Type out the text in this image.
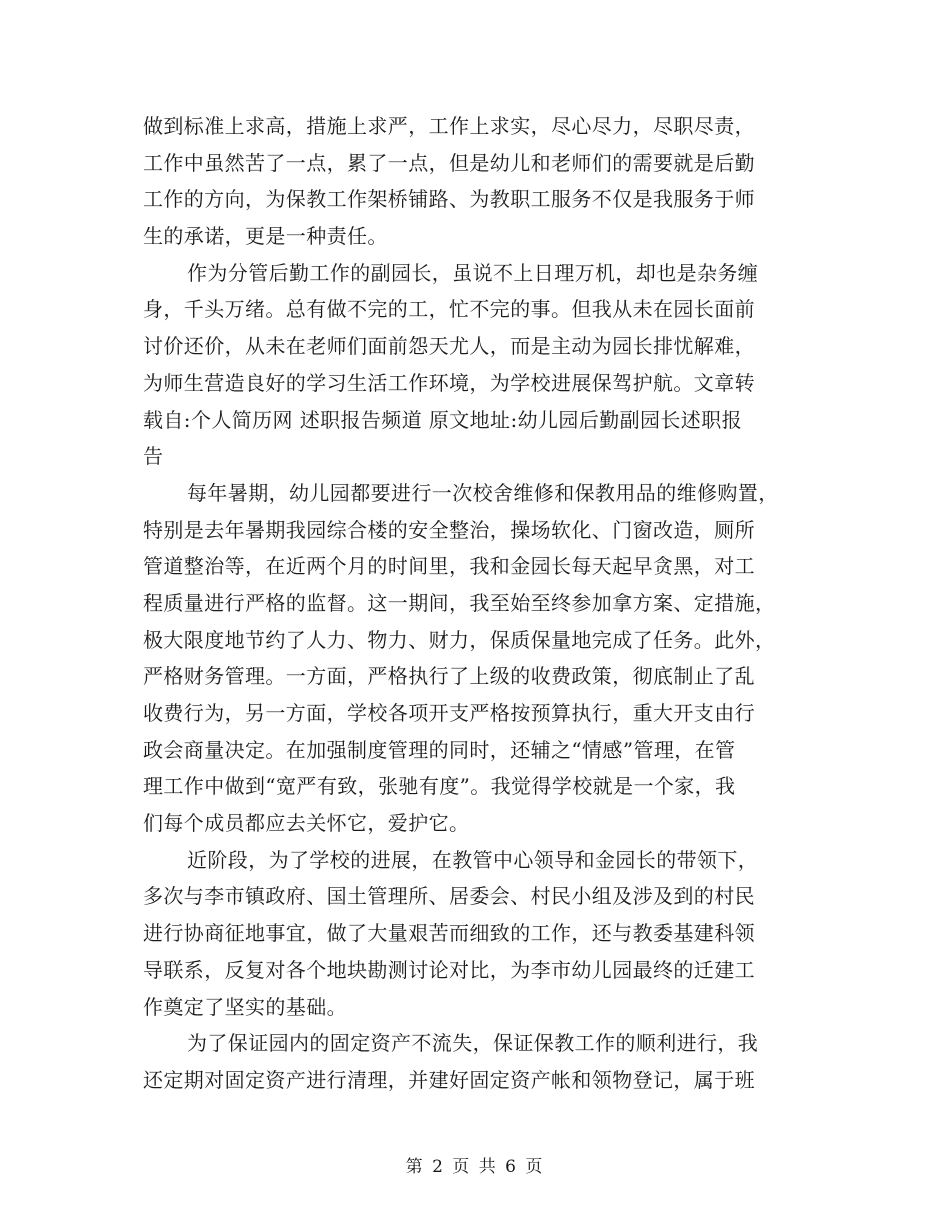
做到标准上求高，措施上求严，工作上求实，尽心尽力，尽职尽责，
工作中虽然苦了一点，累了一点，但是幼儿和老师们的需要就是后勤
工作的方向，为保教工作架桥铺路、为教职工服务不仅是我服务于师
生的承诺，更是一种责任。
作为分管后勤工作的副园长，虽说不上日理万机，却也是杂务缠
身，千头万绪。总有做不完的工，忙不完的事。但我从未在园长面前
讨价还价，从未在老师们面前怨天尤人，而是主动为园长排忧解难，
为师生营造良好的学习生活工作环境，为学校进展保驾护航。文章转
载自:个人简历网 述职报告频道 原文地址:幼儿园后勤副园长述职报
告
每年暑期，幼儿园都要进行一次校舍维修和保教用品的维修购置，
特别是去年暑期我园综合楼的安全整治，操场软化、门窗改造，厕所
管道整治等，在近两个月的时间里，我和金园长每天起早贪黑，对工
程质量进行严格的监督。这一期间，我至始至终参加拿方案、定措施，
极大限度地节约了人力、物力、财力，保质保量地完成了任务。此外，
严格财务管理。一方面，严格执行了上级的收费政策，彻底制止了乱
收费行为，另一方面，学校各项开支严格按预算执行，重大开支由行
政会商量决定。在加强制度管理的同时，还辅之“情感”管理，在管
理工作中做到“宽严有致，张驰有度”。我觉得学校就是一个家，我
们每个成员都应去关怀它，爱护它。
近阶段，为了学校的进展，在教管中心领导和金园长的带领下，
多次与李市镇政府、国土管理所、居委会、村民小组及涉及到的村民
进行协商征地事宜，做了大量艰苦而细致的工作，还与教委基建科领
导联系，反复对各个地块勘测讨论对比，为李市幼儿园最终的迁建工
作奠定了坚实的基础。
为了保证园内的固定资产不流失，保证保教工作的顺利进行，我
还定期对固定资产进行清理，并建好固定资产帐和领物登记，属于班
第 2 页 共 6 页
